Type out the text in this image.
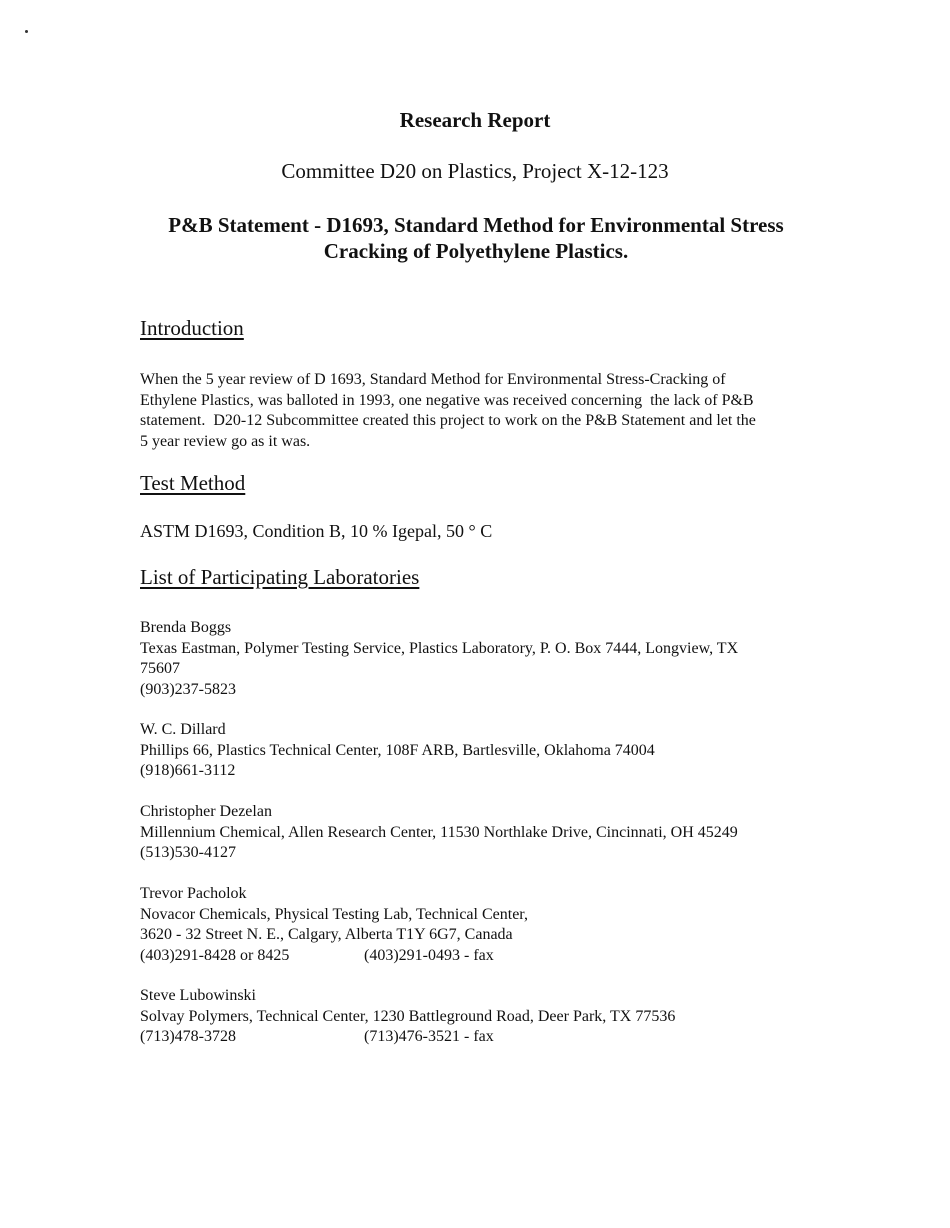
Research Report
Committee D20 on Plastics, Project X-12-123
P&B Statement - D1693, Standard Method for Environmental Stress
Cracking of Polyethylene Plastics.
Introduction
When the 5 year review of D 1693, Standard Method for Environmental Stress-Cracking of
Ethylene Plastics, was balloted in 1993, one negative was received concerning  the lack of P&B
statement.  D20-12 Subcommittee created this project to work on the P&B Statement and let the
5 year review go as it was.
Test Method
ASTM D1693, Condition B, 10 % Igepal, 50 ° C
List of Participating Laboratories
Brenda Boggs
Texas Eastman, Polymer Testing Service, Plastics Laboratory, P. O. Box 7444, Longview, TX
75607
(903)237-5823
W. C. Dillard
Phillips 66, Plastics Technical Center, 108F ARB, Bartlesville, Oklahoma 74004
(918)661-3112
Christopher Dezelan
Millennium Chemical, Allen Research Center, 11530 Northlake Drive, Cincinnati, OH 45249
(513)530-4127
Trevor Pacholok
Novacor Chemicals, Physical Testing Lab, Technical Center,
3620 - 32 Street N. E., Calgary, Alberta T1Y 6G7, Canada
(403)291-8428 or 8425	(403)291-0493 - fax
Steve Lubowinski
Solvay Polymers, Technical Center, 1230 Battleground Road, Deer Park, TX 77536
(713)478-3728	(713)476-3521 - fax
